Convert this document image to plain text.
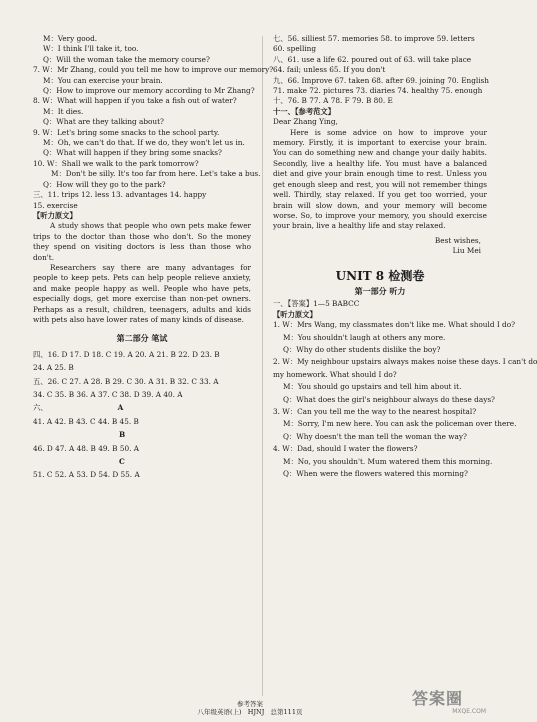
M：Very good.
W：I think I'll take it, too.
Q：Will the woman take the memory course?
7. W：Mr Zhang, could you tell me how to improve our memory?
M：You can exercise your brain.
Q：How to improve our memory according to Mr Zhang?
8. W：What will happen if you take a fish out of water?
M：It dies.
Q：What are they talking about?
9. W：Let's bring some snacks to the school party.
M：Oh, we can't do that. If we do, they won't let us in.
Q：What will happen if they bring some snacks?
10. W：Shall we walk to the park tomorrow?
M：Don't be silly. It's too far from here. Let's take a bus.
Q：How will they go to the park?
三、11. trips 12. less 13. advantages 14. happy
15. exercise
【听力原文】
A study shows that people who own pets make fewer trips to the doctor than those who don't. So the money they spend on visiting doctors is less than those who don't.
Researchers say there are many advantages for people to keep pets. Pets can help people relieve anxiety, and make people happy as well. People who have pets, especially dogs, get more exercise than non-pet owners. Perhaps as a result, children, teenagers, adults and kids with pets also have lower rates of many kinds of disease.
第二部分 笔试
四、16. D 17. D 18. C 19. A 20. A 21. B 22. D 23. B
24. A 25. B
五、26. C 27. A 28. B 29. C 30. A 31. B 32. C 33. A
34. C 35. B 36. A 37. C 38. D 39. A 40. A
六、	A
41. A 42. B 43. C 44. B 45. B
B
46. D 47. A 48. B 49. B 50. A
C
51. C 52. A 53. D 54. D 55. A
七、56. silliest 57. memories 58. to improve 59. letters
60. spelling
八、61. use a life 62. poured out of 63. will take place
64. fail; unless 65. If you don't
九、66. Improve 67. taken 68. after 69. joining 70. English
71. make 72. pictures 73. diaries 74. healthy 75. enough
十、76. B 77. A 78. F 79. B 80. E
十一、【参考范文】
Dear Zhang Ying,
Here is some advice on how to improve your memory. Firstly, it is important to exercise your brain. You can do something new and change your daily habits. Secondly, live a healthy life. You must have a balanced diet and give your brain enough time to rest. Unless you get enough sleep and rest, you will not remember things well. Thirdly, stay relaxed. If you get too worried, your brain will slow down, and your memory will become worse. So, to improve your memory, you should exercise your brain, live a healthy life and stay relaxed.
Best wishes,
Liu Mei
UNIT 8 检测卷
第一部分 听力
一、【答案】1—5 BABCC
【听力原文】
1. W：Mrs Wang, my classmates don't like me. What should I do?
M：You shouldn't laugh at others any more.
Q：Why do other students dislike the boy?
2. W：My neighbour upstairs always makes noise these days. I can't do
my homework. What should I do?
M：You should go upstairs and tell him about it.
Q：What does the girl's neighbour always do these days?
3. W：Can you tell me the way to the nearest hospital?
M：Sorry, I'm new here. You can ask the policeman over there.
Q：Why doesn't the man tell the woman the way?
4. W：Dad, should I water the flowers?
M：No, you shouldn't. Mum watered them this morning.
Q：When were the flowers watered this morning?
参考答案
八年级英语(上)   HJNJ   总第111页
答案圈
MXQE.COM
